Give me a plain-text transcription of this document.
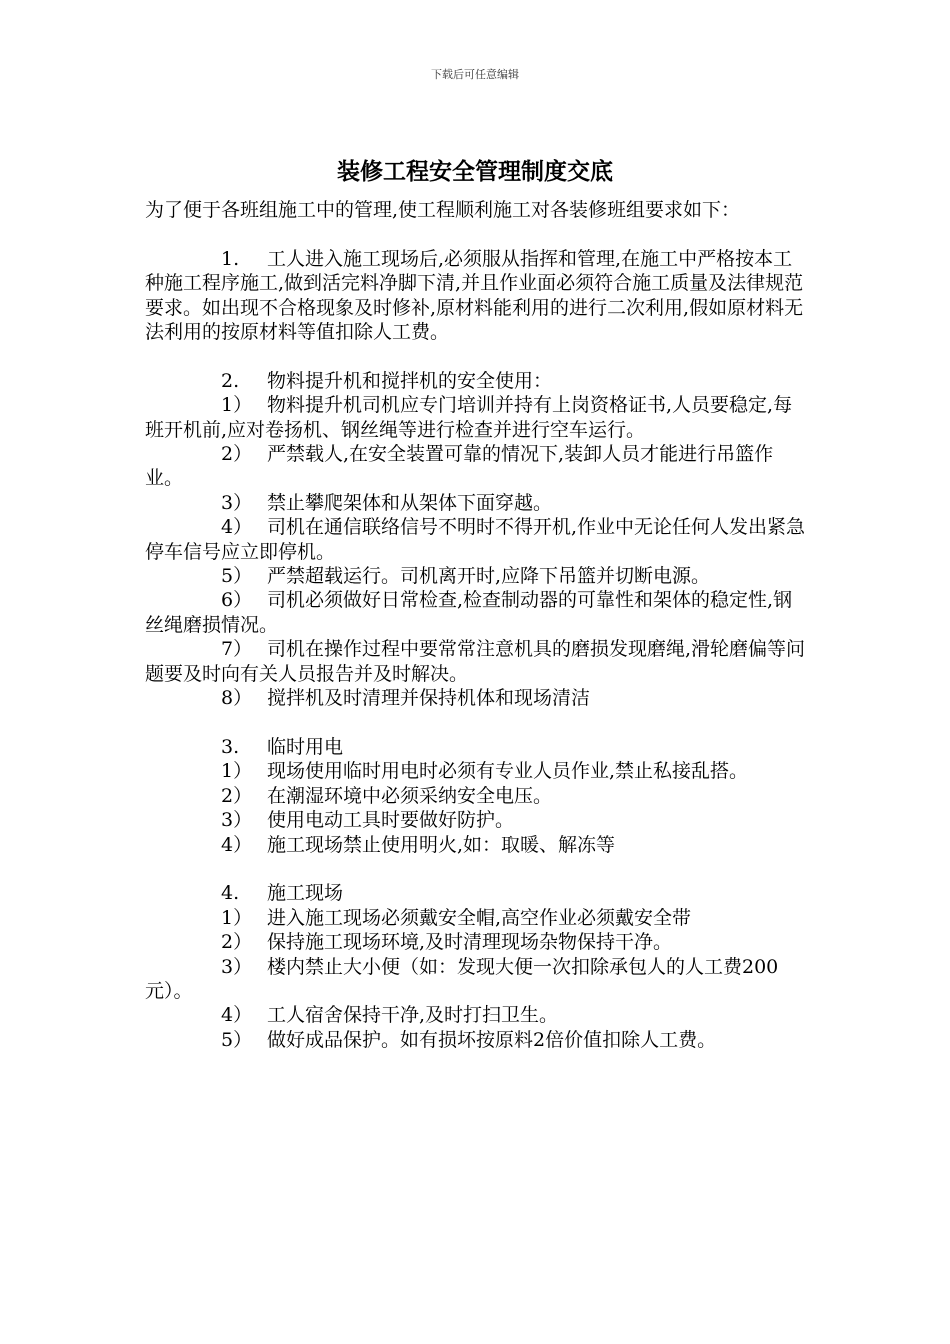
下载后可任意编辑
装修工程安全管理制度交底

为了便于各班组施工中的管理,使工程顺利施工对各装修班组要求如下：

1. 工人进入施工现场后,必须服从指挥和管理,在施工中严格按本工种施工程序施工,做到活完料净脚下清,并且作业面必须符合施工质量及法律规范要求。如出现不合格现象及时修补,原材料能利用的进行二次利用,假如原材料无法利用的按原材料等值扣除人工费。

2. 物料提升机和搅拌机的安全使用：

1） 物料提升机司机应专门培训并持有上岗资格证书,人员要稳定,每班开机前,应对卷扬机、钢丝绳等进行检查并进行空车运行。

2） 严禁载人,在安全装置可靠的情况下,装卸人员才能进行吊篮作业。

3） 禁止攀爬架体和从架体下面穿越。

4） 司机在通信联络信号不明时不得开机,作业中无论任何人发出紧急停车信号应立即停机。

5） 严禁超载运行。司机离开时,应降下吊篮并切断电源。

6） 司机必须做好日常检查,检查制动器的可靠性和架体的稳定性,钢丝绳磨损情况。

7） 司机在操作过程中要常常注意机具的磨损发现磨绳,滑轮磨偏等问题要及时向有关人员报告并及时解决。

8） 搅拌机及时清理并保持机体和现场清洁

3. 临时用电

1） 现场使用临时用电时必须有专业人员作业,禁止私接乱搭。

2） 在潮湿环境中必须采纳安全电压。

3） 使用电动工具时要做好防护。

4） 施工现场禁止使用明火,如：取暖、解冻等

4. 施工现场

1） 进入施工现场必须戴安全帽,高空作业必须戴安全带

2） 保持施工现场环境,及时清理现场杂物保持干净。

3） 楼内禁止大小便（如：发现大便一次扣除承包人的人工费200元）。

4） 工人宿舍保持干净,及时打扫卫生。

5） 做好成品保护。如有损坏按原料2倍价值扣除人工费。
